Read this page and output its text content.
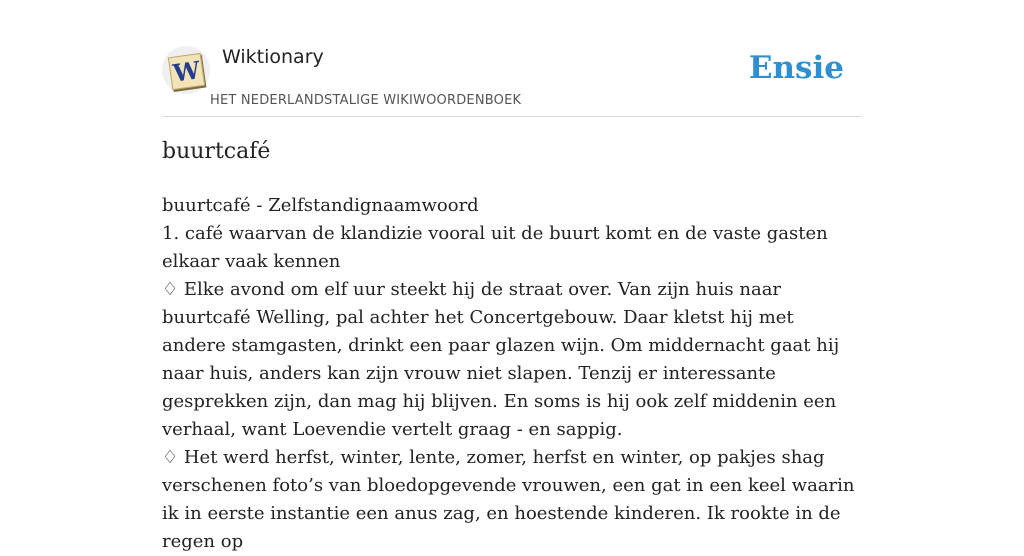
W Wiktionary
HET NEDERLANDSTALIGE WIKIWOORDENBOEK
Ensie
buurtcafé

buurtcafé - Zelfstandignaamwoord

1. café waarvan de klandizie vooral uit de buurt komt en de vaste gasten elkaar vaak kennen

♢ Elke avond om elf uur steekt hij de straat over. Van zijn huis naar buurtcafé Welling, pal achter het Concertgebouw. Daar kletst hij met andere stamgasten, drinkt een paar glazen wijn. Om middernacht gaat hij naar huis, anders kan zijn vrouw niet slapen. Tenzij er interessante gesprekken zijn, dan mag hij blijven. En soms is hij ook zelf middenin een verhaal, want Loevendie vertelt graag - en sappig.

♢ Het werd herfst, winter, lente, zomer, herfst en winter, op pakjes shag verschenen foto’s van bloedopgevende vrouwen, een gat in een keel waarin ik in eerste instantie een anus zag, en hoestende kinderen. Ik rookte in de regen op
